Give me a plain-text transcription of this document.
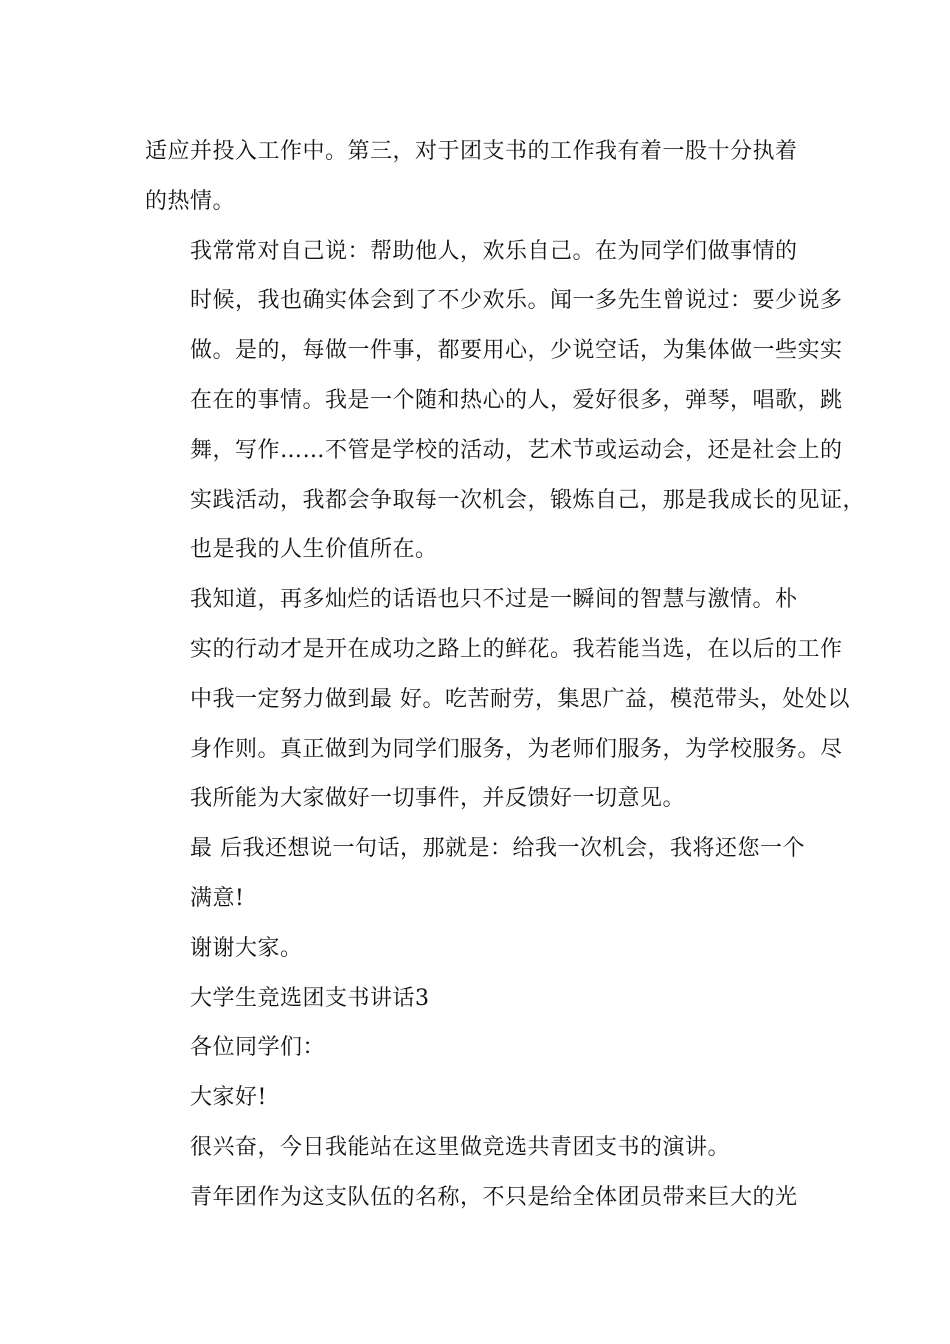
适应并投入工作中。第三，对于团支书的工作我有着一股十分执着
的热情。

我常常对自己说：帮助他人，欢乐自己。在为同学们做事情的
时候，我也确实体会到了不少欢乐。闻一多先生曾说过：要少说多
做。是的，每做一件事，都要用心，少说空话，为集体做一些实实
在在的事情。我是一个随和热心的人，爱好很多，弹琴，唱歌，跳
舞，写作……不管是学校的活动，艺术节或运动会，还是社会上的
实践活动，我都会争取每一次机会，锻炼自己，那是我成长的见证，
也是我的人生价值所在。

我知道，再多灿烂的话语也只不过是一瞬间的智慧与激情。朴
实的行动才是开在成功之路上的鲜花。我若能当选，在以后的工作
中我一定努力做到最 好。吃苦耐劳，集思广益，模范带头，处处以
身作则。真正做到为同学们服务，为老师们服务，为学校服务。尽
我所能为大家做好一切事件，并反馈好一切意见。

最 后我还想说一句话，那就是：给我一次机会，我将还您一个
满意!

谢谢大家。

大学生竞选团支书讲话3

各位同学们：

大家好!

很兴奋，今日我能站在这里做竞选共青团支书的演讲。

青年团作为这支队伍的名称，不只是给全体团员带来巨大的光
